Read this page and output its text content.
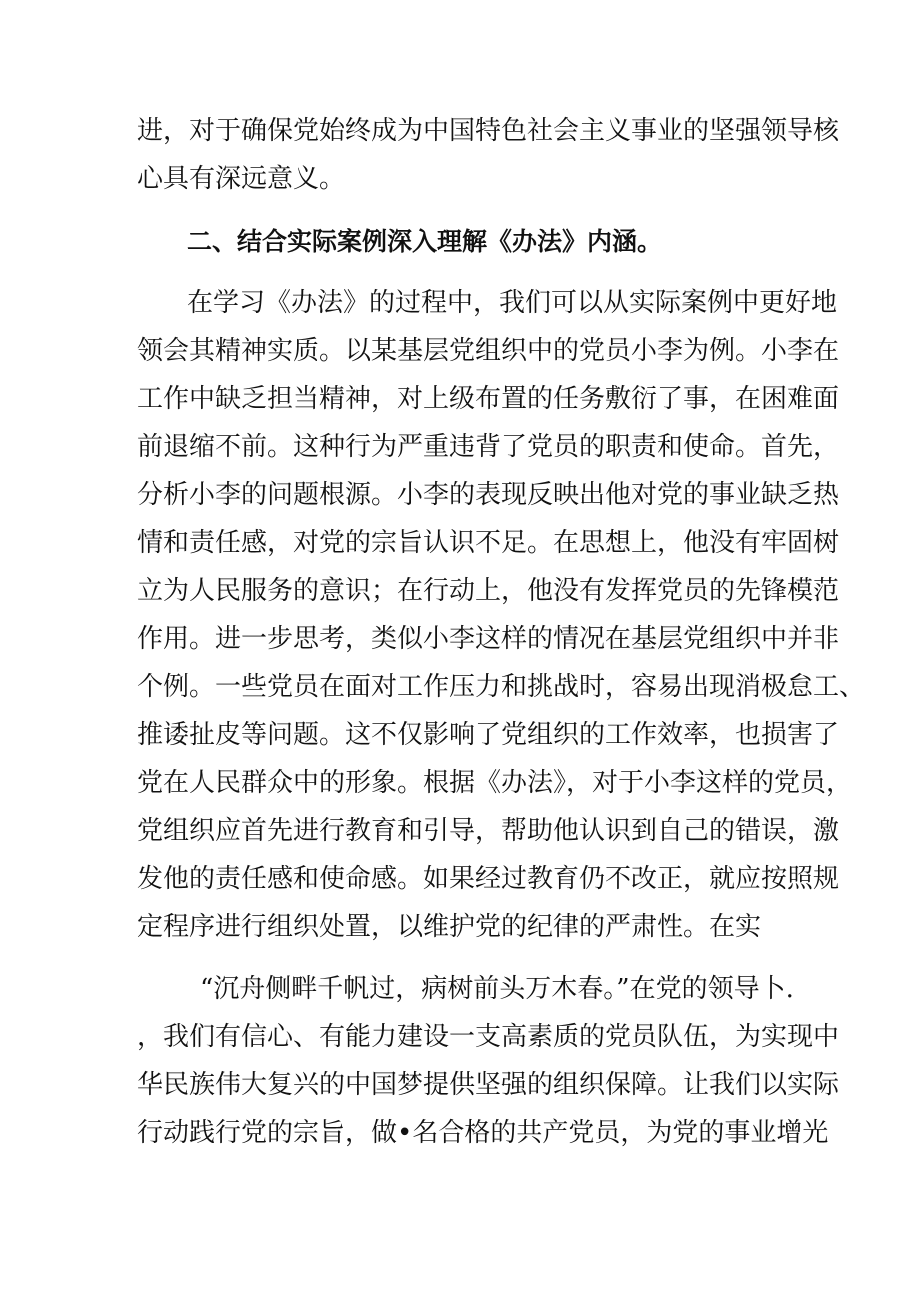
进，对于确保党始终成为中国特色社会主义事业的坚强领导核
心具有深远意义。
二、结合实际案例深入理解《办法》内涵。
在学习《办法》的过程中，我们可以从实际案例中更好地
领会其精神实质。以某基层党组织中的党员小李为例。小李在
工作中缺乏担当精神，对上级布置的任务敷衍了事，在困难面
前退缩不前。这种行为严重违背了党员的职责和使命。首先，
分析小李的问题根源。小李的表现反映出他对党的事业缺乏热
情和责任感，对党的宗旨认识不足。在思想上，他没有牢固树
立为人民服务的意识；在行动上，他没有发挥党员的先锋模范
作用。进一步思考，类似小李这样的情况在基层党组织中并非
个例。一些党员在面对工作压力和挑战时，容易出现消极怠工、
推诿扯皮等问题。这不仅影响了党组织的工作效率，也损害了
党在人民群众中的形象。根据《办法》，对于小李这样的党员，
党组织应首先进行教育和引导，帮助他认识到自己的错误，激
发他的责任感和使命感。如果经过教育仍不改正，就应按照规
定程序进行组织处置，以维护党的纪律的严肃性。在实
“沉舟侧畔千帆过，病树前头万木春。”在党的领导卜.
，我们有信心、有能力建设一支高素质的党员队伍，为实现中
华民族伟大复兴的中国梦提供坚强的组织保障。让我们以实际
行动践行党的宗旨，做•名合格的共产党员，为党的事业增光
